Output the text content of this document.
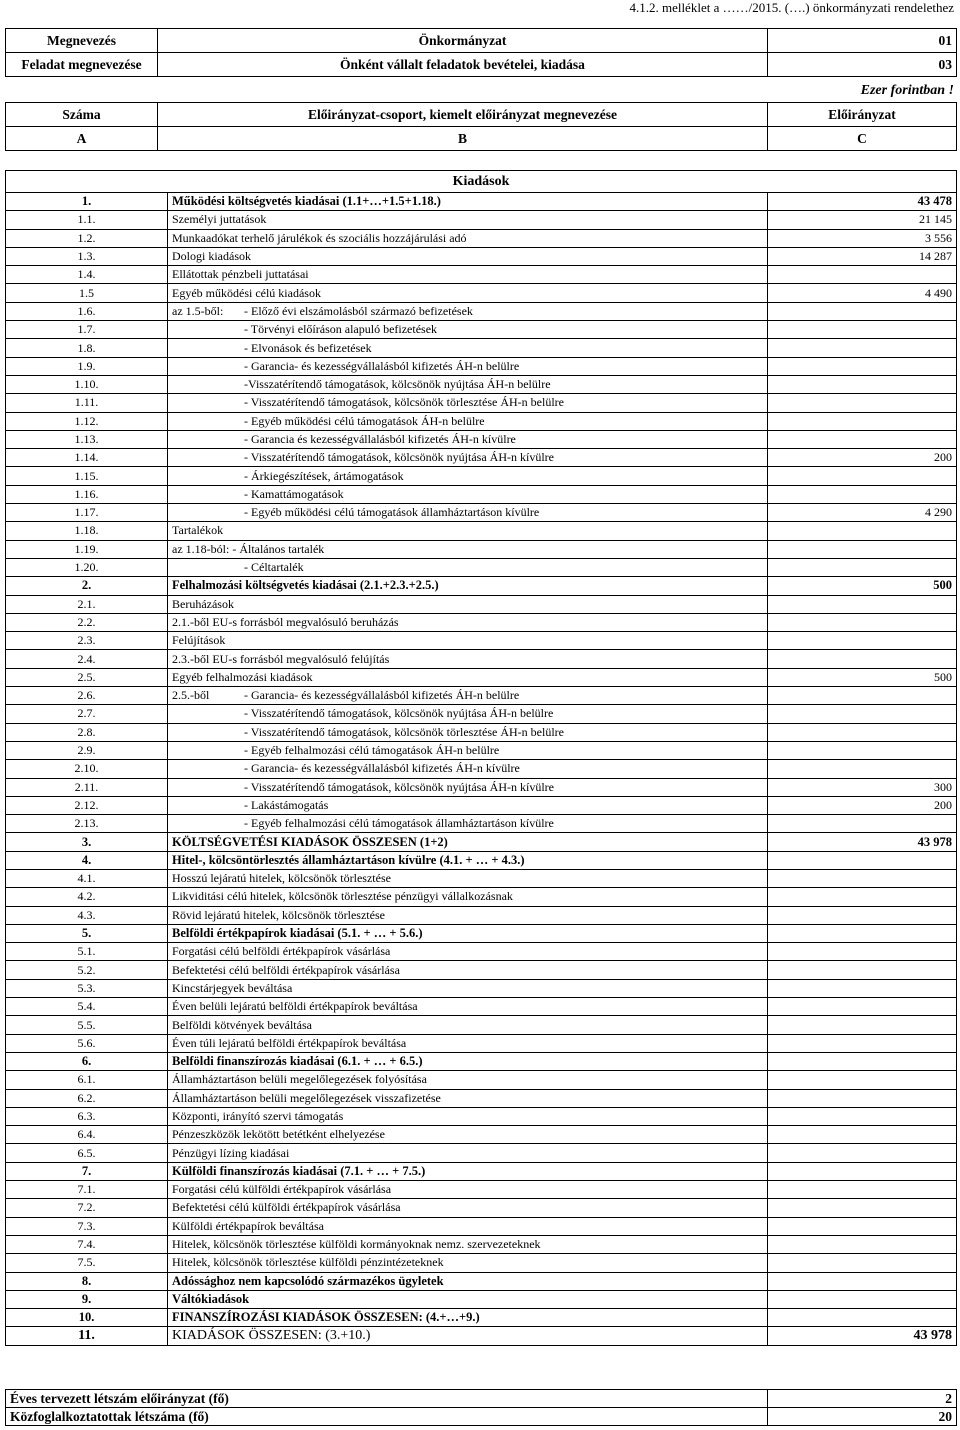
4.1.2. melléklet a ……/2015. (….) önkormányzati rendelethez
Megnevezés	Önkormányzat	01
Feladat megnevezése	Önként vállalt feladatok bevételei, kiadása	03
Ezer forintban !
Száma	Előirányzat-csoport, kiemelt előirányzat megnevezése	Előirányzat
A	B	C
Kiadások		
1.	Működési költségvetés kiadásai (1.1+…+1.5+1.18.)	43 478
1.1.	Személyi juttatások	21 145
1.2.	Munkaadókat terhelő járulékok és szociális hozzájárulási adó	3 556
1.3.	Dologi kiadások	14 287
1.4.	Ellátottak pénzbeli juttatásai	
1.5	Egyéb működési célú kiadások	4 490
1.6.	az 1.5-ből: - Előző évi elszámolásból származó befizetések	
1.7.	- Törvényi előíráson alapuló befizetések	
1.8.	- Elvonások és befizetések	
1.9.	- Garancia- és kezességvállalásból kifizetés ÁH-n belülre	
1.10.	-Visszatérítendő támogatások, kölcsönök nyújtása ÁH-n belülre	
1.11.	- Visszatérítendő támogatások, kölcsönök törlesztése ÁH-n belülre	
1.12.	- Egyéb működési célú támogatások ÁH-n belülre	
1.13.	- Garancia és kezességvállalásból kifizetés ÁH-n kívülre	
1.14.	- Visszatérítendő támogatások, kölcsönök nyújtása ÁH-n kívülre	200
1.15.	- Árkiegészítések, ártámogatások	
1.16.	- Kamattámogatások	
1.17.	- Egyéb működési célú támogatások államháztartáson kívülre	4 290
1.18.	Tartalékok	
1.19.	az 1.18-ból: - Általános tartalék	
1.20.	- Céltartalék	
2.	Felhalmozási költségvetés kiadásai (2.1.+2.3.+2.5.)	500
2.1.	Beruházások	
2.2.	2.1.-ből EU-s forrásból megvalósuló beruházás	
2.3.	Felújítások	
2.4.	2.3.-ből EU-s forrásból megvalósuló felújítás	
2.5.	Egyéb felhalmozási kiadások	500
2.6.	2.5.-ből - Garancia- és kezességvállalásból kifizetés ÁH-n belülre	
2.7.	- Visszatérítendő támogatások, kölcsönök nyújtása ÁH-n belülre	
2.8.	- Visszatérítendő támogatások, kölcsönök törlesztése ÁH-n belülre	
2.9.	- Egyéb felhalmozási célú támogatások ÁH-n belülre	
2.10.	- Garancia- és kezességvállalásból kifizetés ÁH-n kívülre	
2.11.	- Visszatérítendő támogatások, kölcsönök nyújtása ÁH-n kívülre	300
2.12.	- Lakástámogatás	200
2.13.	- Egyéb felhalmozási célú támogatások államháztartáson kívülre	
3.	KÖLTSÉGVETÉSI KIADÁSOK ÖSSZESEN (1+2)	43 978
4.	Hitel-, kölcsöntörlesztés államháztartáson kívülre (4.1. + … + 4.3.)	
4.1.	Hosszú lejáratú hitelek, kölcsönök törlesztése	
4.2.	Likviditási célú hitelek, kölcsönök törlesztése pénzügyi vállalkozásnak	
4.3.	Rövid lejáratú hitelek, kölcsönök törlesztése	
5.	Belföldi értékpapírok kiadásai (5.1. + … + 5.6.)	
5.1.	Forgatási célú belföldi értékpapírok vásárlása	
5.2.	Befektetési célú belföldi értékpapírok vásárlása	
5.3.	Kincstárjegyek beváltása	
5.4.	Éven belüli lejáratú belföldi értékpapírok beváltása	
5.5.	Belföldi kötvények beváltása	
5.6.	Éven túli lejáratú belföldi értékpapírok beváltása	
6.	Belföldi finanszírozás kiadásai (6.1. + … + 6.5.)	
6.1.	Államháztartáson belüli megelőlegezések folyósítása	
6.2.	Államháztartáson belüli megelőlegezések visszafizetése	
6.3.	Központi, irányító szervi támogatás	
6.4.	Pénzeszközök lekötött betétként elhelyezése	
6.5.	Pénzügyi lízing kiadásai	
7.	Külföldi finanszírozás kiadásai (7.1. + … + 7.5.)	
7.1.	Forgatási célú külföldi értékpapírok vásárlása	
7.2.	Befektetési célú külföldi értékpapírok vásárlása	
7.3.	Külföldi értékpapírok beváltása	
7.4.	Hitelek, kölcsönök törlesztése külföldi kormányoknak nemz. szervezeteknek	
7.5.	Hitelek, kölcsönök törlesztése külföldi pénzintézeteknek	
8.	Adóssághoz nem kapcsolódó származékos ügyletek	
9.	Váltókiadások	
10.	FINANSZÍROZÁSI KIADÁSOK ÖSSZESEN: (4.+…+9.)	
11.	KIADÁSOK ÖSSZESEN: (3.+10.)	43 978
Éves tervezett létszám előirányzat (fő)	2
Közfoglalkoztatottak létszáma (fő)	20
